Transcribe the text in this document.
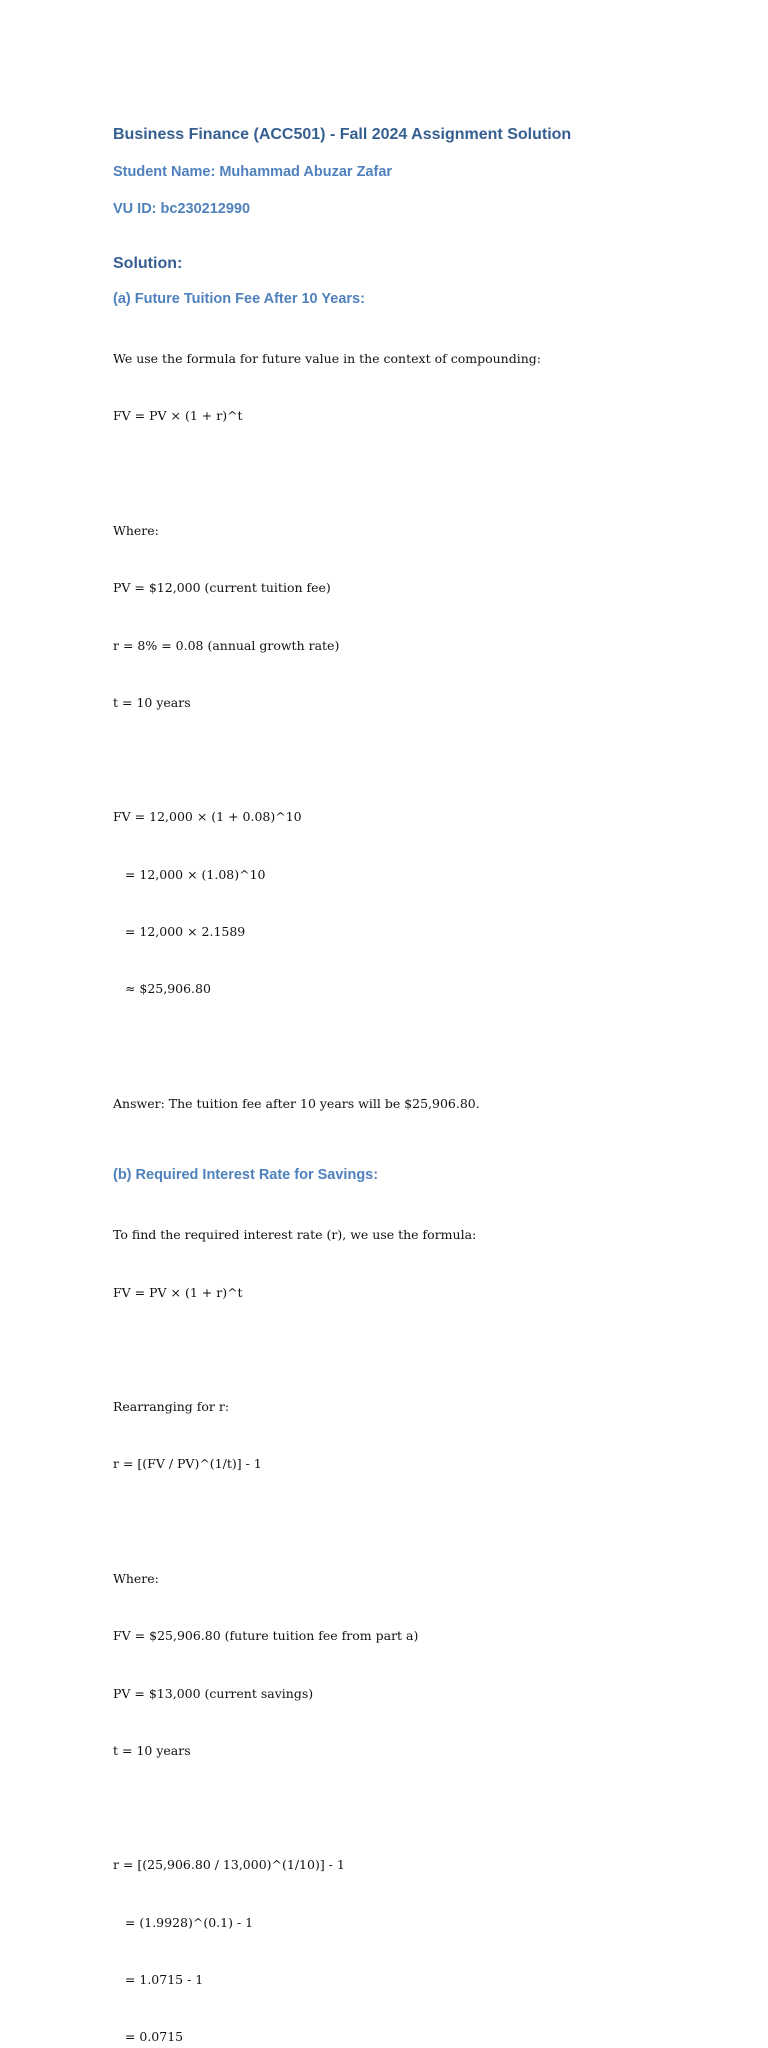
Business Finance (ACC501) - Fall 2024 Assignment Solution

Student Name: Muhammad Abuzar Zafar

VU ID: bc230212990

Solution:
(a) Future Tuition Fee After 10 Years:

We use the formula for future value in the context of compounding:

FV = PV × (1 + r)^t

Where:

PV = $12,000 (current tuition fee)

r = 8% = 0.08 (annual growth rate)

t = 10 years

FV = 12,000 × (1 + 0.08)^10

= 12,000 × (1.08)^10

= 12,000 × 2.1589

≈ $25,906.80

Answer: The tuition fee after 10 years will be $25,906.80.

(b) Required Interest Rate for Savings:

To find the required interest rate (r), we use the formula:

FV = PV × (1 + r)^t

Rearranging for r:

r = [(FV / PV)^(1/t)] - 1

Where:

FV = $25,906.80 (future tuition fee from part a)

PV = $13,000 (current savings)

t = 10 years

r = [(25,906.80 / 13,000)^(1/10)] - 1

= (1.9928)^(0.1) - 1

= 1.0715 - 1

= 0.0715
